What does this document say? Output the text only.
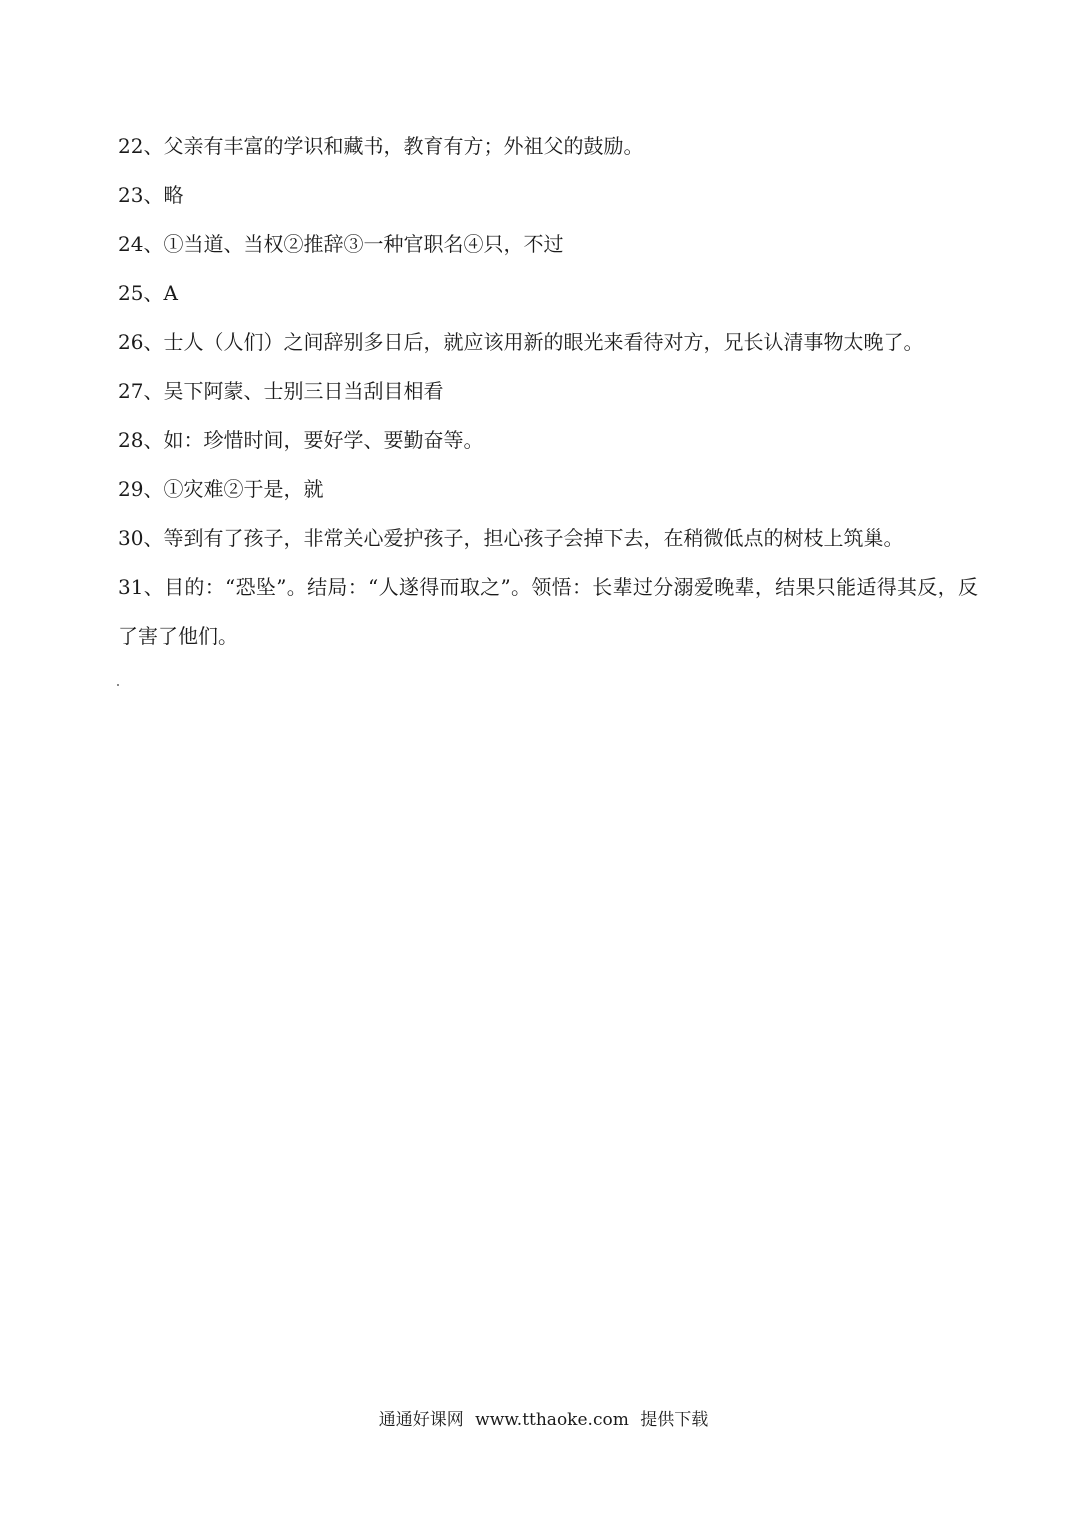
22、父亲有丰富的学识和藏书，教育有方；外祖父的鼓励。
23、略
24、①当道、当权②推辞③一种官职名④只，不过
25、A
26、士人（人们）之间辞别多日后，就应该用新的眼光来看待对方，兄长认清事物太晚了。
27、吴下阿蒙、士别三日当刮目相看
28、如：珍惜时间，要好学、要勤奋等。
29、①灾难②于是，就
30、等到有了孩子，非常关心爱护孩子，担心孩子会掉下去，在稍微低点的树枝上筑巢。
31、目的：“恐坠”。结局：“人遂得而取之”。领悟：长辈过分溺爱晚辈，结果只能适得其反，反了害了他们。
通通好课网 www.tthaoke.com 提供下载
